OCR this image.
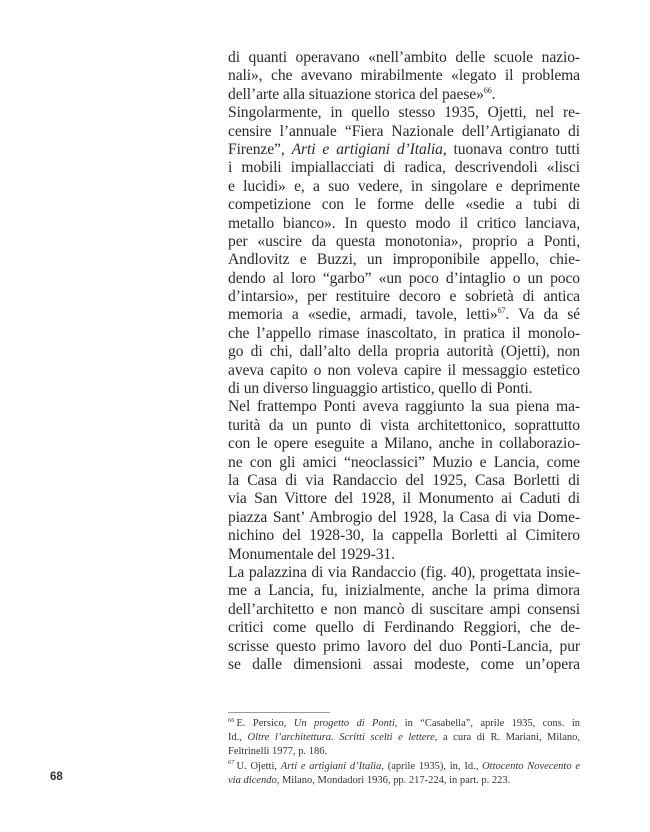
di quanti operavano «nell’ambito delle scuole nazio-
nali», che avevano mirabilmente «legato il problema
dell’arte alla situazione storica del paese»$^{66}$.
Singolarmente, in quello stesso 1935, Ojetti, nel re-
censire l’annuale “Fiera Nazionale dell’Artigianato di
Firenze”, Arti e artigiani d’Italia, tuonava contro tutti
i mobili impiallacciati di radica, descrivendoli «lisci
e lucidi» e, a suo vedere, in singolare e deprimente
competizione con le forme delle «sedie a tubi di
metallo bianco». In questo modo il critico lanciava,
per «uscire da questa monotonia», proprio a Ponti,
Andlovitz e Buzzi, un improponibile appello, chie-
dendo al loro “garbo” «un poco d’intaglio o un poco
d’intarsio», per restituire decoro e sobrietà di antica
memoria a «sedie, armadi, tavole, letti»$^{67}$. Va da sé
che l’appello rimase inascoltato, in pratica il monolo-
go di chi, dall’alto della propria autorità (Ojetti), non
aveva capito o non voleva capire il messaggio estetico
di un diverso linguaggio artistico, quello di Ponti.
Nel frattempo Ponti aveva raggiunto la sua piena ma-
turità da un punto di vista architettonico, soprattutto
con le opere eseguite a Milano, anche in collaborazio-
ne con gli amici “neoclassici” Muzio e Lancia, come
la Casa di via Randaccio del 1925, Casa Borletti di
via San Vittore del 1928, il Monumento ai Caduti di
piazza Sant’ Ambrogio del 1928, la Casa di via Dome-
nichino del 1928-30, la cappella Borletti al Cimitero
Monumentale del 1929-31.
La palazzina di via Randaccio (fig. 40), progettata insie-
me a Lancia, fu, inizialmente, anche la prima dimora
dell’architetto e non mancò di suscitare ampi consensi
critici come quello di Ferdinando Reggiori, che de-
scrisse questo primo lavoro del duo Ponti-Lancia, pur
se dalle dimensioni assai modeste, come un’opera
$^{66}$ E. Persico, Un progetto di Ponti, in “Casabella”, aprile 1935, cons. in
Id., Oltre l’architettura. Scritti scelti e lettere, a cura di R. Mariani, Milano,
Feltrinelli 1977, p. 186.
$^{67}$ U. Ojetti, Arti e artigiani d’Italia, (aprile 1935), in, Id., Ottocento Novecento e
via dicendo, Milano, Mondadori 1936, pp. 217-224, in part. p. 223.
68
